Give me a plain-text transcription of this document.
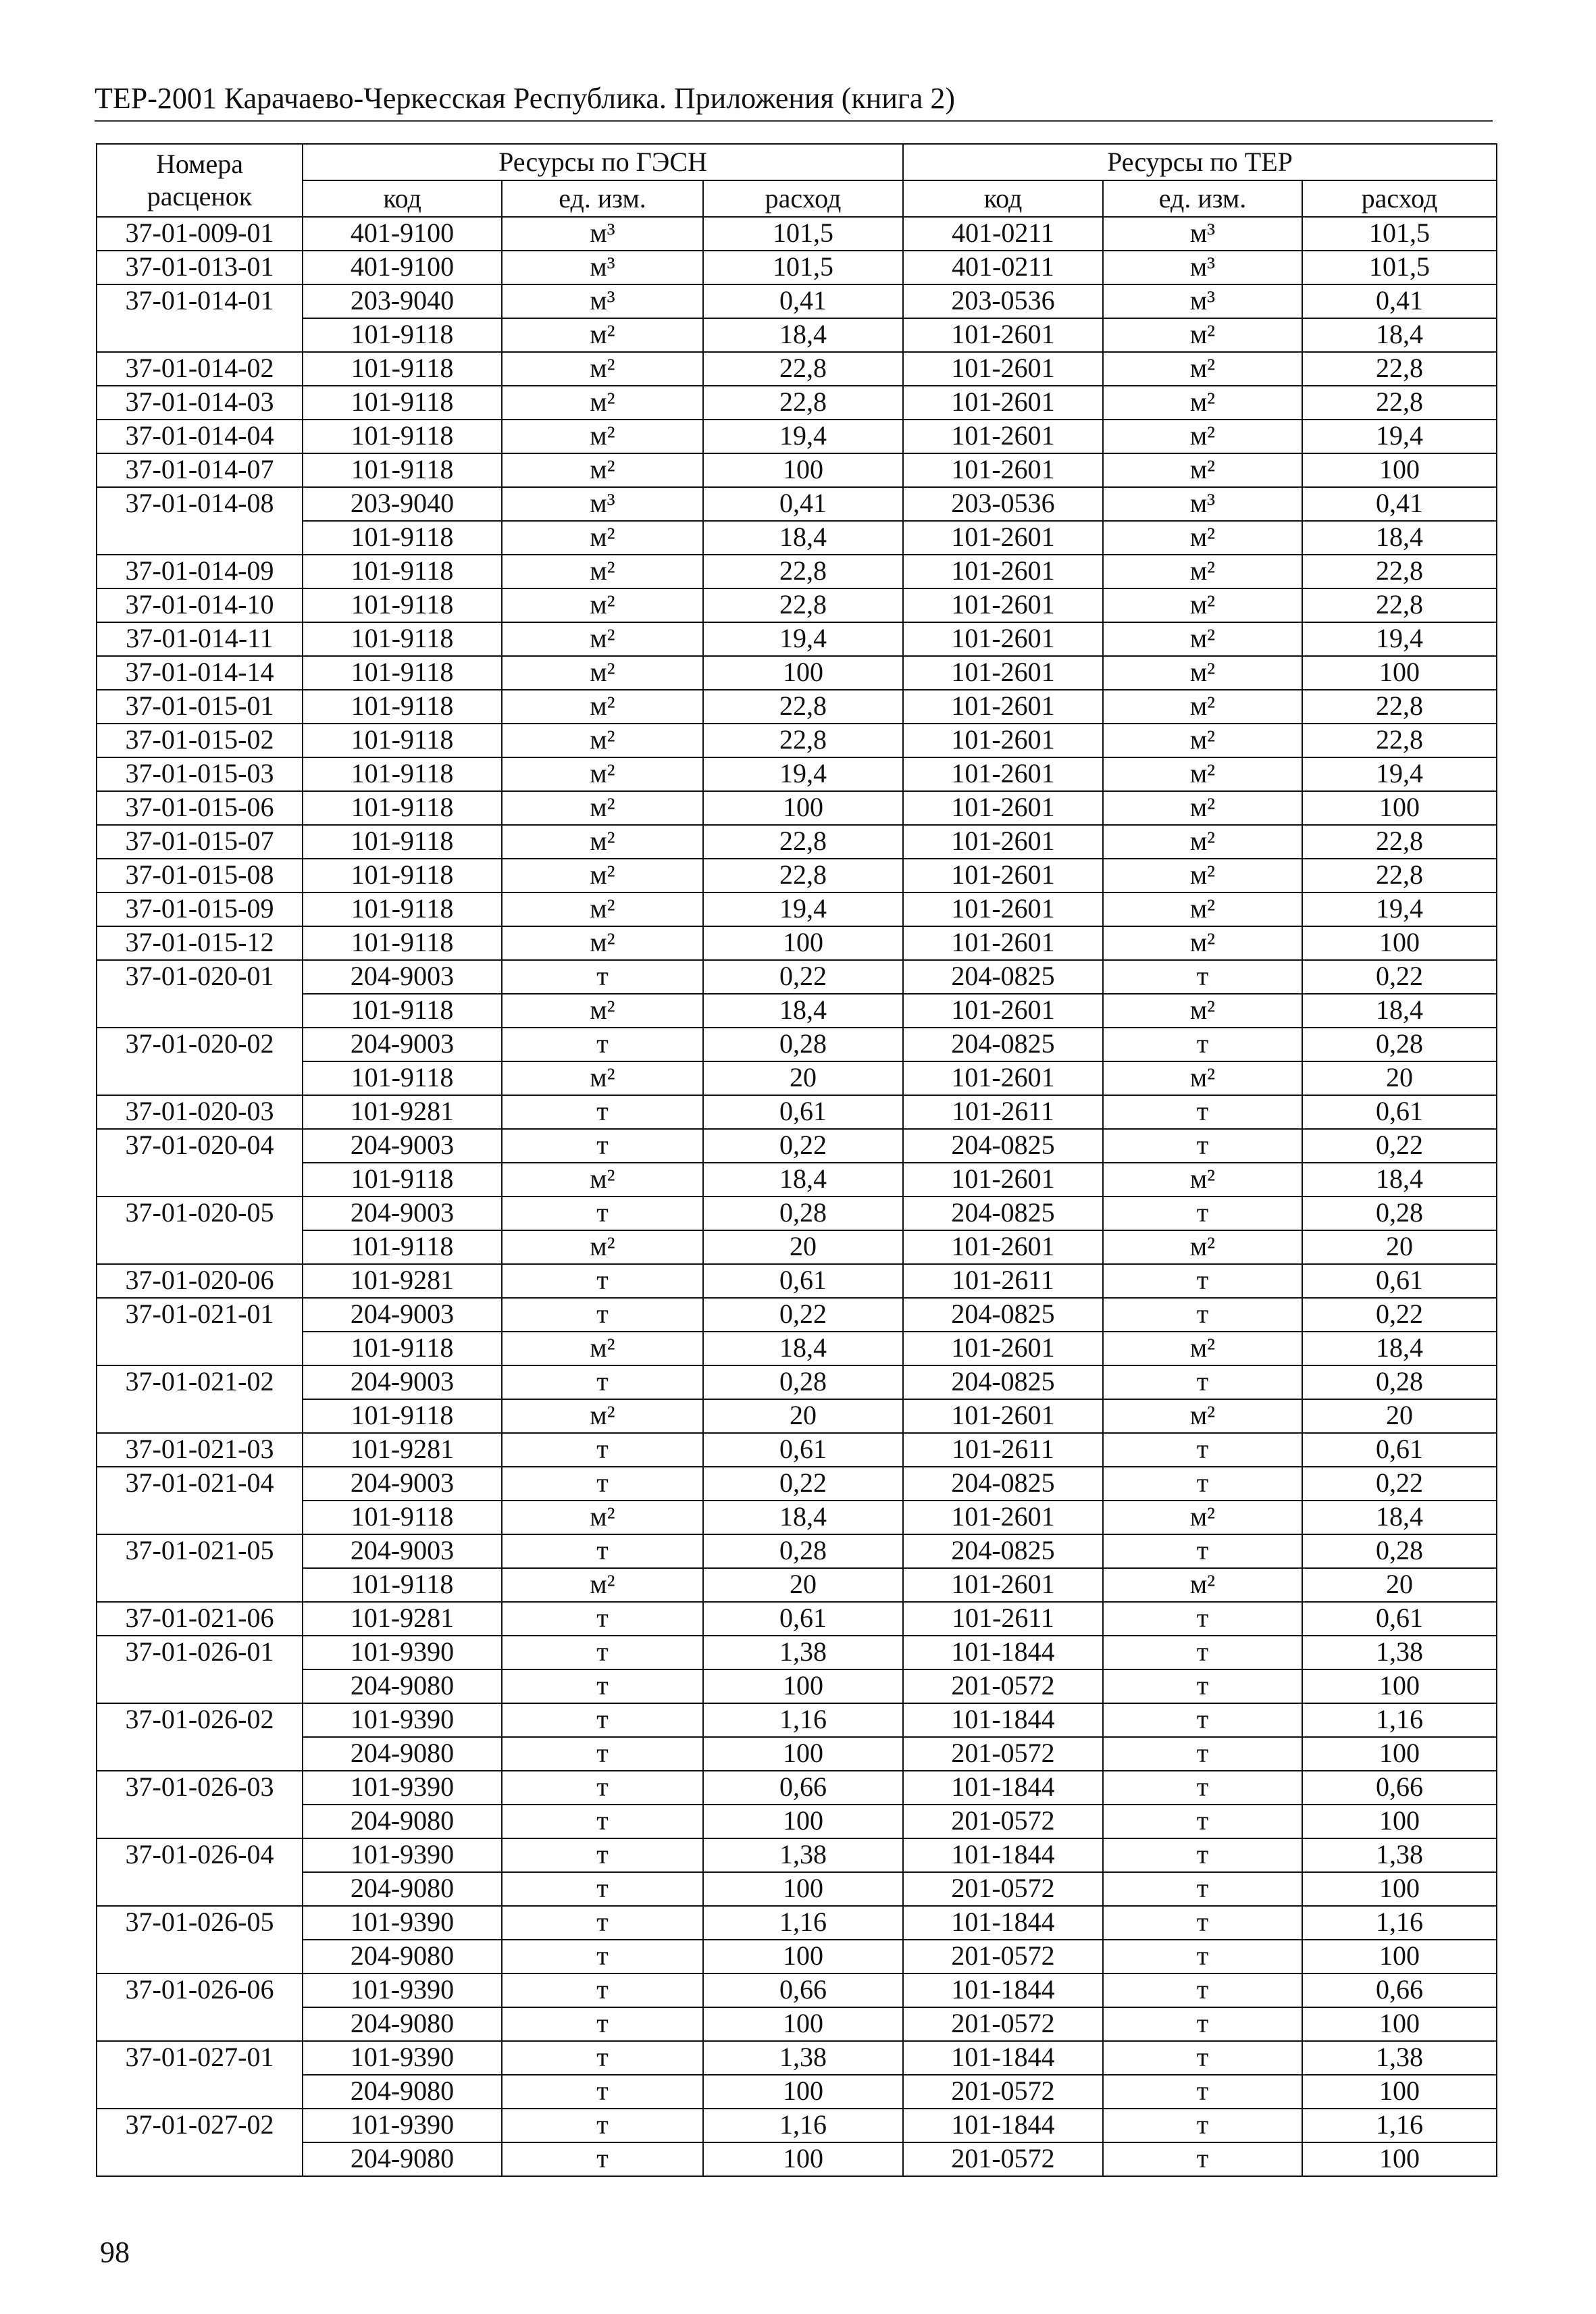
ТЕР-2001 Карачаево-Черкесская Республика. Приложения (книга 2)
Номера
расценок	Ресурсы по ГЭСН			Ресурсы по ТЕР		
	код	ед. изм.	расход	код	ед. изм.	расход
37-01-009-01	401-9100	м³	101,5	401-0211	м³	101,5
37-01-013-01	401-9100	м³	101,5	401-0211	м³	101,5
37-01-014-01	203-9040	м³	0,41	203-0536	м³	0,41
	101-9118	м²	18,4	101-2601	м²	18,4
37-01-014-02	101-9118	м²	22,8	101-2601	м²	22,8
37-01-014-03	101-9118	м²	22,8	101-2601	м²	22,8
37-01-014-04	101-9118	м²	19,4	101-2601	м²	19,4
37-01-014-07	101-9118	м²	100	101-2601	м²	100
37-01-014-08	203-9040	м³	0,41	203-0536	м³	0,41
	101-9118	м²	18,4	101-2601	м²	18,4
37-01-014-09	101-9118	м²	22,8	101-2601	м²	22,8
37-01-014-10	101-9118	м²	22,8	101-2601	м²	22,8
37-01-014-11	101-9118	м²	19,4	101-2601	м²	19,4
37-01-014-14	101-9118	м²	100	101-2601	м²	100
37-01-015-01	101-9118	м²	22,8	101-2601	м²	22,8
37-01-015-02	101-9118	м²	22,8	101-2601	м²	22,8
37-01-015-03	101-9118	м²	19,4	101-2601	м²	19,4
37-01-015-06	101-9118	м²	100	101-2601	м²	100
37-01-015-07	101-9118	м²	22,8	101-2601	м²	22,8
37-01-015-08	101-9118	м²	22,8	101-2601	м²	22,8
37-01-015-09	101-9118	м²	19,4	101-2601	м²	19,4
37-01-015-12	101-9118	м²	100	101-2601	м²	100
37-01-020-01	204-9003	т	0,22	204-0825	т	0,22
	101-9118	м²	18,4	101-2601	м²	18,4
37-01-020-02	204-9003	т	0,28	204-0825	т	0,28
	101-9118	м²	20	101-2601	м²	20
37-01-020-03	101-9281	т	0,61	101-2611	т	0,61
37-01-020-04	204-9003	т	0,22	204-0825	т	0,22
	101-9118	м²	18,4	101-2601	м²	18,4
37-01-020-05	204-9003	т	0,28	204-0825	т	0,28
	101-9118	м²	20	101-2601	м²	20
37-01-020-06	101-9281	т	0,61	101-2611	т	0,61
37-01-021-01	204-9003	т	0,22	204-0825	т	0,22
	101-9118	м²	18,4	101-2601	м²	18,4
37-01-021-02	204-9003	т	0,28	204-0825	т	0,28
	101-9118	м²	20	101-2601	м²	20
37-01-021-03	101-9281	т	0,61	101-2611	т	0,61
37-01-021-04	204-9003	т	0,22	204-0825	т	0,22
	101-9118	м²	18,4	101-2601	м²	18,4
37-01-021-05	204-9003	т	0,28	204-0825	т	0,28
	101-9118	м²	20	101-2601	м²	20
37-01-021-06	101-9281	т	0,61	101-2611	т	0,61
37-01-026-01	101-9390	т	1,38	101-1844	т	1,38
	204-9080	т	100	201-0572	т	100
37-01-026-02	101-9390	т	1,16	101-1844	т	1,16
	204-9080	т	100	201-0572	т	100
37-01-026-03	101-9390	т	0,66	101-1844	т	0,66
	204-9080	т	100	201-0572	т	100
37-01-026-04	101-9390	т	1,38	101-1844	т	1,38
	204-9080	т	100	201-0572	т	100
37-01-026-05	101-9390	т	1,16	101-1844	т	1,16
	204-9080	т	100	201-0572	т	100
37-01-026-06	101-9390	т	0,66	101-1844	т	0,66
	204-9080	т	100	201-0572	т	100
37-01-027-01	101-9390	т	1,38	101-1844	т	1,38
	204-9080	т	100	201-0572	т	100
37-01-027-02	101-9390	т	1,16	101-1844	т	1,16
	204-9080	т	100	201-0572	т	100
98
